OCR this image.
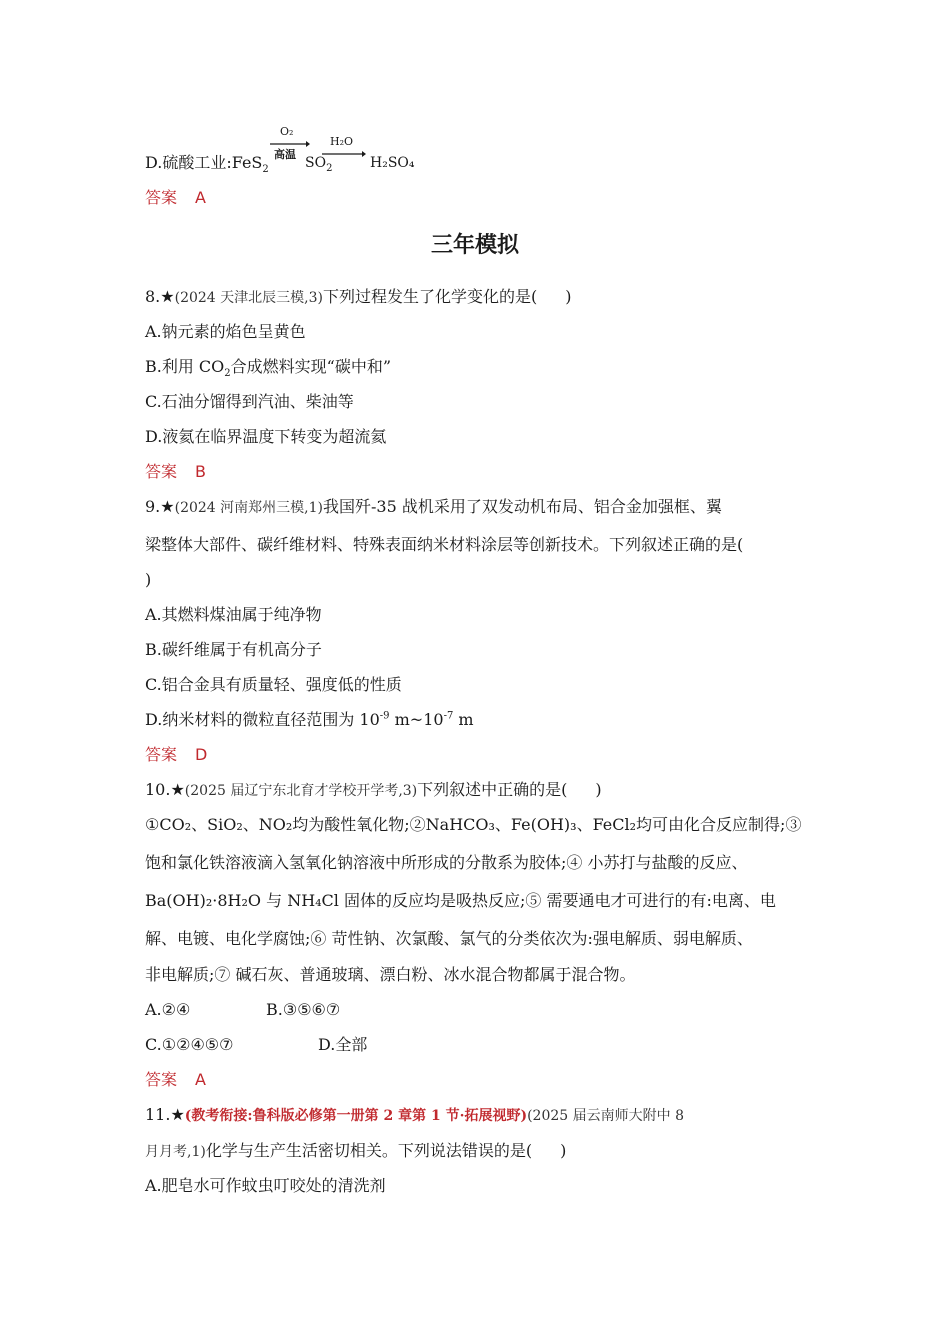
D.硫酸工业:FeS$_2$
O₂
高温
$SO_2$
H₂O
H₂SO₄
答案 A
三年模拟
8.★(2024 天津北辰三模,3)下列过程发生了化学变化的是( )
A.钠元素的焰色呈黄色
B.利用 $CO_2$合成燃料实现“碳中和”
C.石油分馏得到汽油、柴油等
D.液氦在临界温度下转变为超流氦
答案 B
9.★(2024 河南郑州三模,1)我国歼-35 战机采用了双发动机布局、铝合金加强框、翼
梁整体大部件、碳纤维材料、特殊表面纳米材料涂层等创新技术。下列叙述正确的是(
)
A.其燃料煤油属于纯净物
B.碳纤维属于有机高分子
C.铝合金具有质量轻、强度低的性质
D.纳米材料的微粒直径范围为 $10^{-9}$ $m\sim 10^{-7}$ m
答案 D
10.★(2025 届辽宁东北育才学校开学考,3)下列叙述中正确的是( )
①CO₂、SiO₂、NO₂均为酸性氧化物;②NaHCO₃、Fe(OH)₃、FeCl₂均可由化合反应制得;③
饱和氯化铁溶液滴入氢氧化钠溶液中所形成的分散系为胶体;④ 小苏打与盐酸的反应、
Ba(OH)₂·8H₂O 与 NH₄Cl 固体的反应均是吸热反应;⑤ 需要通电才可进行的有:电离、电
解、电镀、电化学腐蚀;⑥ 苛性钠、次氯酸、氯气的分类依次为:强电解质、弱电解质、
非电解质;⑦ 碱石灰、普通玻璃、漂白粉、冰水混合物都属于混合物。
A.②④	B.③⑤⑥⑦
C.①②④⑤⑦	D.全部
答案 A
11.★(教考衔接:鲁科版必修第一册第 2 章第 1 节·拓展视野)(2025 届云南师大附中 8
月月考,1)化学与生产生活密切相关。下列说法错误的是( )
A.肥皂水可作蚊虫叮咬处的清洗剂
